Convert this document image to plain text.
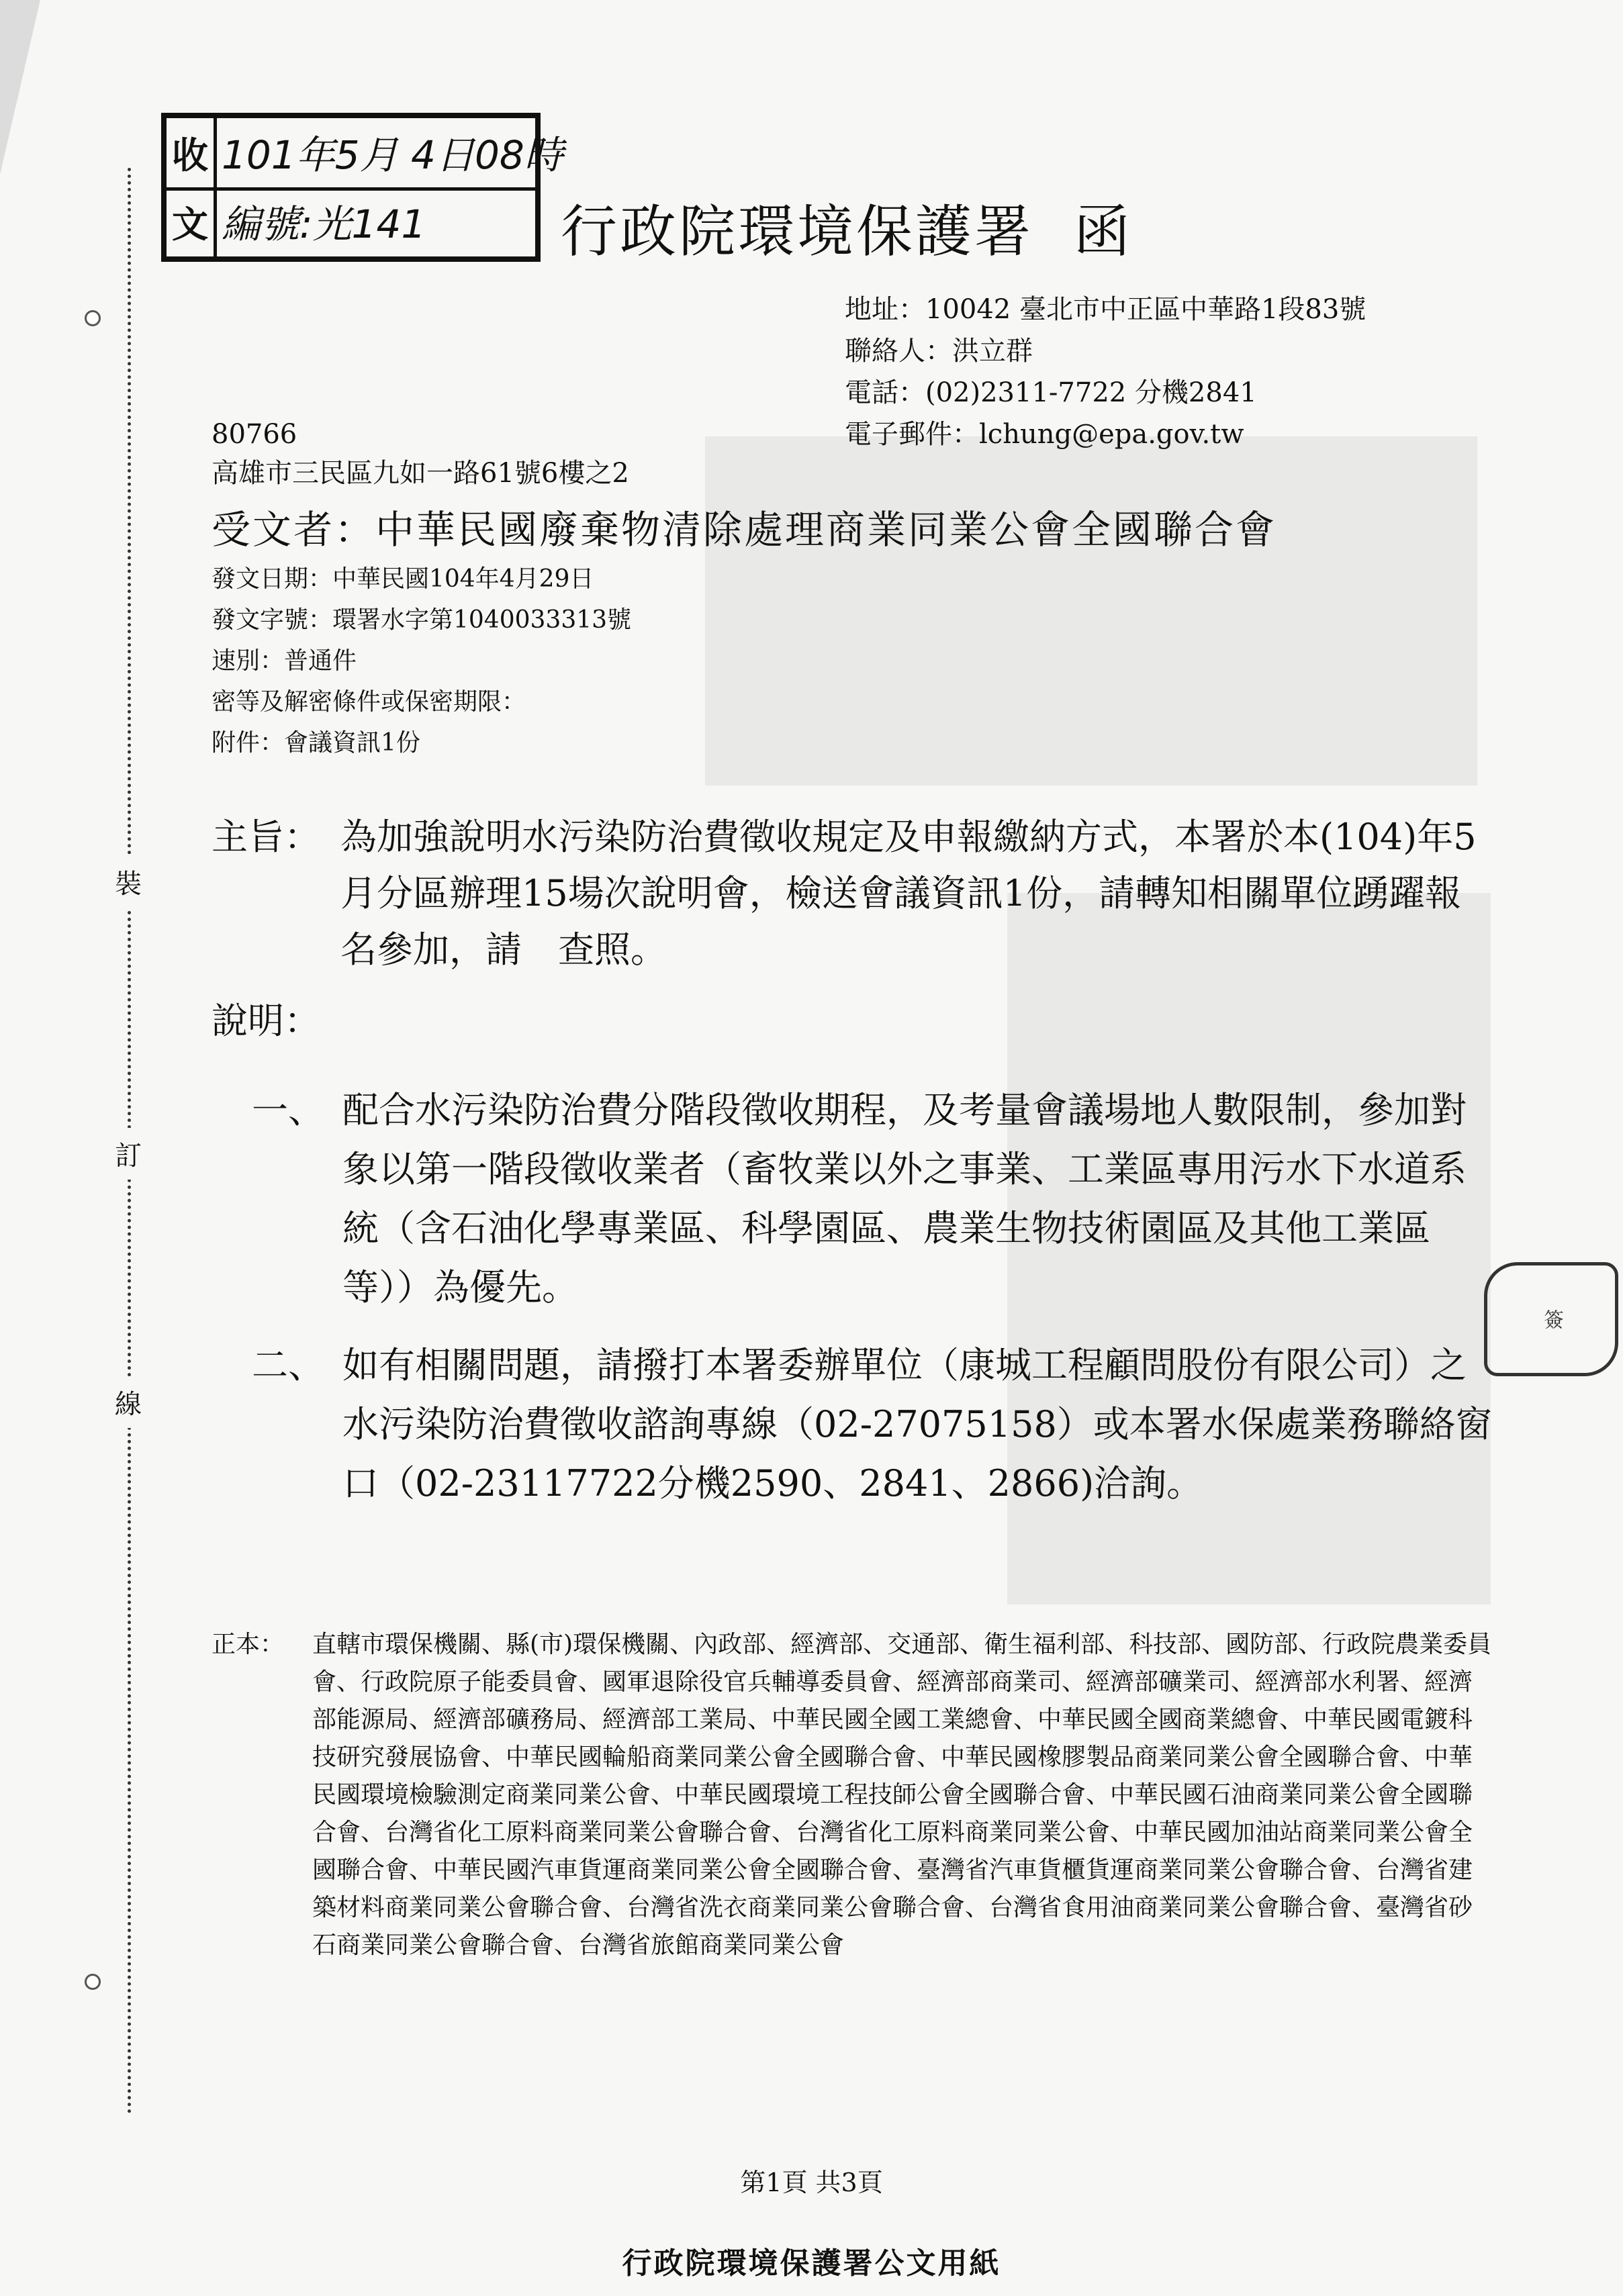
裝
訂
線
收 101年5月 4日08時
文 編號:光141 行政院環境保護署 函
地址：10042 臺北市中正區中華路1段83號
聯絡人：洪立群
電話：(02)2311-7722 分機2841
電子郵件：lchung@epa.gov.tw
80766
高雄市三民區九如一路61號6樓之2
受文者：中華民國廢棄物清除處理商業同業公會全國聯合會
發文日期：中華民國104年4月29日
發文字號：環署水字第1040033313號
速別：普通件
密等及解密條件或保密期限：
附件：會議資訊1份
主旨： 為加強說明水污染防治費徵收規定及申報繳納方式，本署於本(104)年5月分區辦理15場次說明會，檢送會議資訊1份，請轉知相關單位踴躍報名參加，請　查照。
說明：
一、 配合水污染防治費分階段徵收期程，及考量會議場地人數限制，參加對象以第一階段徵收業者（畜牧業以外之事業、工業區專用污水下水道系統（含石油化學專業區、科學園區、農業生物技術園區及其他工業區等））為優先。
二、 如有相關問題，請撥打本署委辦單位（康城工程顧問股份有限公司）之水污染防治費徵收諮詢專線（02-27075158）或本署水保處業務聯絡窗口（02-23117722分機2590、2841、2866)洽詢。
簽
正本： 直轄市環保機關、縣(市)環保機關、內政部、經濟部、交通部、衛生福利部、科技部、國防部、行政院農業委員會、行政院原子能委員會、國軍退除役官兵輔導委員會、經濟部商業司、經濟部礦業司、經濟部水利署、經濟部能源局、經濟部礦務局、經濟部工業局、中華民國全國工業總會、中華民國全國商業總會、中華民國電鍍科技研究發展協會、中華民國輪船商業同業公會全國聯合會、中華民國橡膠製品商業同業公會全國聯合會、中華民國環境檢驗測定商業同業公會、中華民國環境工程技師公會全國聯合會、中華民國石油商業同業公會全國聯合會、台灣省化工原料商業同業公會聯合會、台灣省化工原料商業同業公會、中華民國加油站商業同業公會全國聯合會、中華民國汽車貨運商業同業公會全國聯合會、臺灣省汽車貨櫃貨運商業同業公會聯合會、台灣省建築材料商業同業公會聯合會、台灣省洗衣商業同業公會聯合會、台灣省食用油商業同業公會聯合會、臺灣省砂石商業同業公會聯合會、台灣省旅館商業同業公會
第1頁 共3頁
行政院環境保護署公文用紙
